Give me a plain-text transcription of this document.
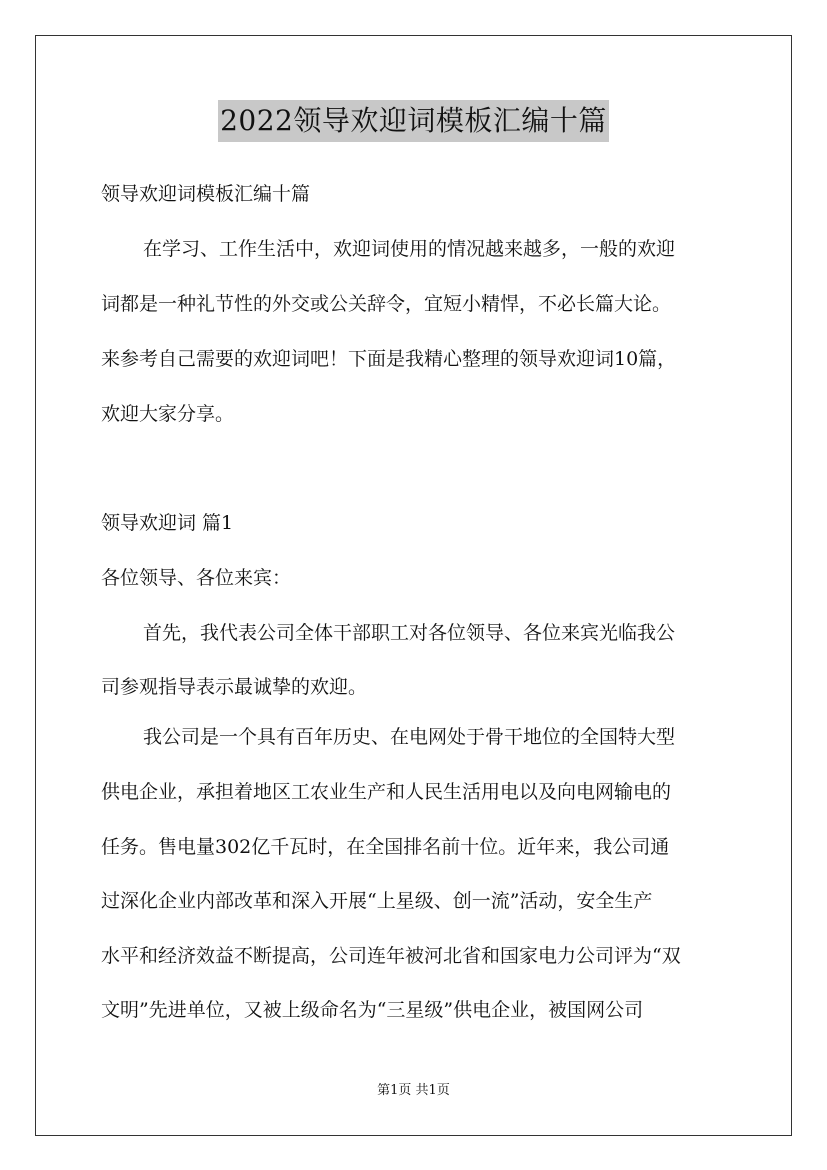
2022领导欢迎词模板汇编十篇
领导欢迎词模板汇编十篇
在学习、工作生活中，欢迎词使用的情况越来越多，一般的欢迎
词都是一种礼节性的外交或公关辞令，宜短小精悍，不必长篇大论。
来参考自己需要的欢迎词吧！下面是我精心整理的领导欢迎词10篇，
欢迎大家分享。
领导欢迎词 篇1
各位领导、各位来宾：
首先，我代表公司全体干部职工对各位领导、各位来宾光临我公
司参观指导表示最诚挚的欢迎。
我公司是一个具有百年历史、在电网处于骨干地位的全国特大型
供电企业，承担着地区工农业生产和人民生活用电以及向电网输电的
任务。售电量302亿千瓦时，在全国排名前十位。近年来，我公司通
过深化企业内部改革和深入开展“上星级、创一流”活动，安全生产
水平和经济效益不断提高，公司连年被河北省和国家电力公司评为“双
文明”先进单位，又被上级命名为“三星级”供电企业，被国网公司
第1页 共1页
